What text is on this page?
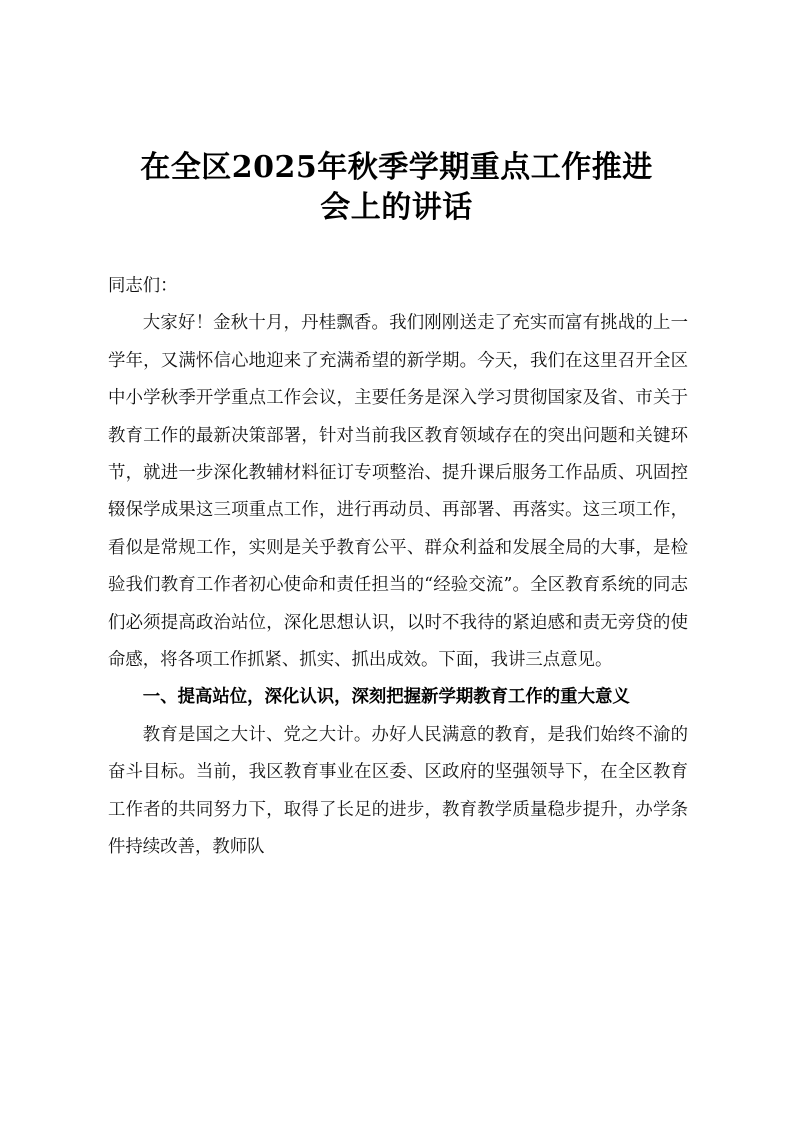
在全区2025年秋季学期重点工作推进
会上的讲话

同志们：

大家好！金秋十月，丹桂飘香。我们刚刚送走了充实而富有挑战的上一学年，又满怀信心地迎来了充满希望的新学期。今天，我们在这里召开全区中小学秋季开学重点工作会议，主要任务是深入学习贯彻国家及省、市关于教育工作的最新决策部署，针对当前我区教育领域存在的突出问题和关键环节，就进一步深化教辅材料征订专项整治、提升课后服务工作品质、巩固控辍保学成果这三项重点工作，进行再动员、再部署、再落实。这三项工作，看似是常规工作，实则是关乎教育公平、群众利益和发展全局的大事，是检验我们教育工作者初心使命和责任担当的“经验交流”。全区教育系统的同志们必须提高政治站位，深化思想认识，以时不我待的紧迫感和责无旁贷的使命感，将各项工作抓紧、抓实、抓出成效。下面，我讲三点意见。

一、提高站位，深化认识，深刻把握新学期教育工作的重大意义

教育是国之大计、党之大计。办好人民满意的教育，是我们始终不渝的奋斗目标。当前，我区教育事业在区委、区政府的坚强领导下，在全区教育工作者的共同努力下，取得了长足的进步，教育教学质量稳步提升，办学条件持续改善，教师队
